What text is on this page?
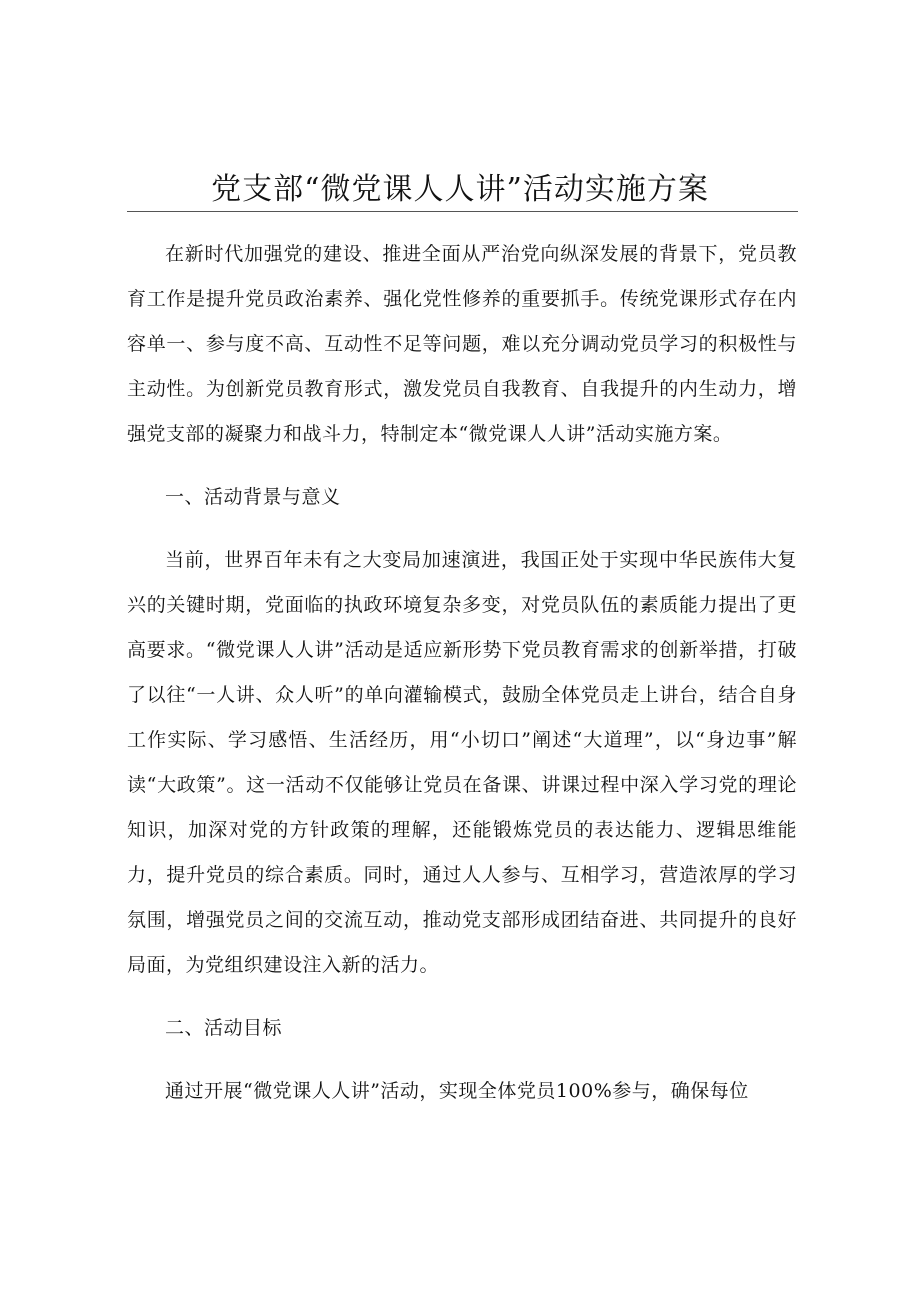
党支部“微党课人人讲”活动实施方案

在新时代加强党的建设、推进全面从严治党向纵深发展的背景下，党员教育工作是提升党员政治素养、强化党性修养的重要抓手。传统党课形式存在内容单一、参与度不高、互动性不足等问题，难以充分调动党员学习的积极性与主动性。为创新党员教育形式，激发党员自我教育、自我提升的内生动力，增强党支部的凝聚力和战斗力，特制定本“微党课人人讲”活动实施方案。

一、活动背景与意义

当前，世界百年未有之大变局加速演进，我国正处于实现中华民族伟大复兴的关键时期，党面临的执政环境复杂多变，对党员队伍的素质能力提出了更高要求。“微党课人人讲”活动是适应新形势下党员教育需求的创新举措，打破了以往“一人讲、众人听”的单向灌输模式，鼓励全体党员走上讲台，结合自身工作实际、学习感悟、生活经历，用“小切口”阐述“大道理”，以“身边事”解读“大政策”。这一活动不仅能够让党员在备课、讲课过程中深入学习党的理论知识，加深对党的方针政策的理解，还能锻炼党员的表达能力、逻辑思维能力，提升党员的综合素质。同时，通过人人参与、互相学习，营造浓厚的学习氛围，增强党员之间的交流互动，推动党支部形成团结奋进、共同提升的良好局面，为党组织建设注入新的活力。

二、活动目标

通过开展“微党课人人讲”活动，实现全体党员100%参与，确保每位
